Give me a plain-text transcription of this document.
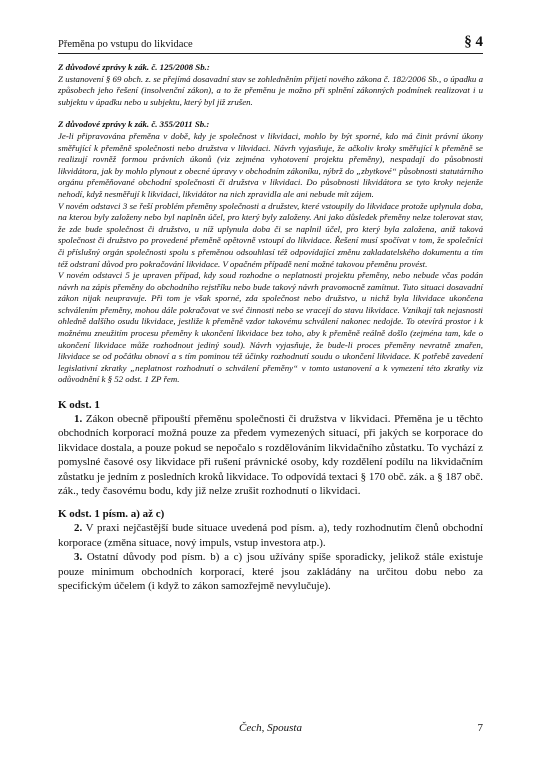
Přeměna po vstupu do likvidace	§ 4

Z důvodové zprávy k zák. č. 125/2008 Sb.:

Z ustanovení § 69 obch. z. se přejímá dosavadní stav se zohledněním přijetí nového zákona č. 182/2006 Sb., o úpadku a způsobech jeho řešení (insolvenční zákon), a to že přeměnu je možno při splnění zákonných podmínek realizovat i u subjektu v úpadku nebo u subjektu, který byl již zrušen.

Z důvodové zprávy k zák. č. 355/2011 Sb.:

Je-li připravována přeměna v době, kdy je společnost v likvidaci, mohlo by být sporné, kdo má činit právní úkony směřující k přeměně společnosti nebo družstva v likvidaci. Návrh vyjasňuje, že ačkoliv kroky směřující k přeměně se realizují rovněž formou právních úkonů (viz zejména vyhotovení projektu přeměny), nespadají do působnosti likvidátora, jak by mohlo plynout z obecné úpravy v obchodním zákoníku, nýbrž do „zbytkové“ působnosti statutárního orgánu přeměňované obchodní společnosti či družstva v likvidaci. Do působnosti likvidátora se tyto kroky nejenže nehodí, když nesměřují k likvidaci, likvidátor na nich zpravidla ale ani nebude mít zájem.

V novém odstavci 3 se řeší problém přeměny společnosti a družstev, které vstoupily do likvidace protože uplynula doba, na kterou byly založeny nebo byl naplněn účel, pro který byly založeny. Ani jako důsledek přeměny nelze tolerovat stav, že zde bude společnost či družstvo, u níž uplynula doba či se naplnil účel, pro který byla založena, aniž taková společnost či družstvo po provedené přeměně opětovně vstoupí do likvidace. Řešení musí spočívat v tom, že společníci či příslušný orgán společnosti spolu s přeměnou odsouhlasí též odpovídající změnu zakladatelského dokumentu a tím též odstraní důvod pro pokračování likvidace. V opačném případě není možné takovou přeměnu provést.

V novém odstavci 5 je upraven případ, kdy soud rozhodne o neplatnosti projektu přeměny, nebo nebude včas podán návrh na zápis přeměny do obchodního rejstříku nebo bude takový návrh pravomocně zamítnut. Tuto situaci dosavadní zákon nijak neupravuje. Při tom je však sporné, zda společnost nebo družstvo, u nichž byla likvidace ukončena schválením přeměny, mohou dále pokračovat ve své činnosti nebo se vracejí do stavu likvidace. Vznikají tak nejasnosti ohledně dalšího osudu likvidace, jestliže k přeměně vzdor takovému schválení nakonec nedojde. To otevírá prostor i k možnému zneužitím procesu přeměny k ukončení likvidace bez toho, aby k přeměně reálně došlo (zejména tam, kde o ukončení likvidace může rozhodnout jediný soud). Návrh vyjasňuje, že bude-li proces přeměny nevratně zmařen, likvidace se od počátku obnoví a s tím pominou též účinky rozhodnutí soudu o ukončení likvidace. K potřebě zavedení legislativní zkratky „neplatnost rozhodnutí o schválení přeměny“ v tomto ustanovení a k vymezení této zkratky viz odůvodnění k § 52 odst. 1 ZP řem.

K odst. 1

1. Zákon obecně připouští přeměnu společnosti či družstva v likvidaci. Přeměna je u těchto obchodních korporací možná pouze za předem vymezených situací, při jakých se korporace do likvidace dostala, a pouze pokud se nepočalo s rozdělováním likvidačního zůstatku. To vychází z pomyslné časové osy likvidace při rušení právnické osoby, kdy rozdělení podílu na likvidačním zůstatku je jedním z posledních kroků likvidace. To odpovídá textaci § 170 obč. zák. a § 187 obč. zák., tedy časovému bodu, kdy již nelze zrušit rozhodnutí o likvidaci.

K odst. 1 písm. a) až c)

2. V praxi nejčastější bude situace uvedená pod písm. a), tedy rozhodnutím členů obchodní korporace (změna situace, nový impuls, vstup investora atp.).

3. Ostatní důvody pod písm. b) a c) jsou užívány spíše sporadicky, jelikož stále existuje pouze minimum obchodních korporací, které jsou zakládány na určitou dobu nebo za specifickým účelem (i když to zákon samozřejmě nevylučuje).

Čech, Spousta	7
